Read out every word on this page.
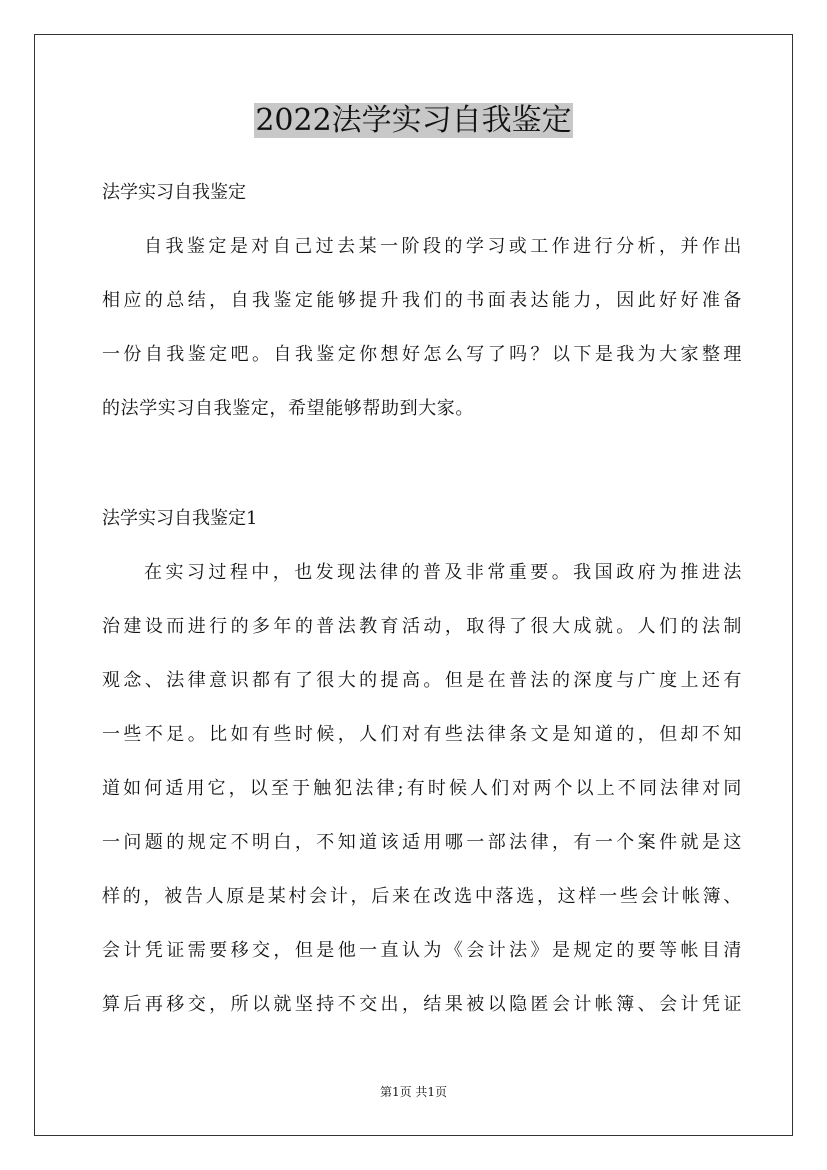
2022法学实习自我鉴定

法学实习自我鉴定

自我鉴定是对自己过去某一阶段的学习或工作进行分析，并作出
相应的总结，自我鉴定能够提升我们的书面表达能力，因此好好准备
一份自我鉴定吧。自我鉴定你想好怎么写了吗？以下是我为大家整理
的法学实习自我鉴定，希望能够帮助到大家。

法学实习自我鉴定1

在实习过程中，也发现法律的普及非常重要。我国政府为推进法
治建设而进行的多年的普法教育活动，取得了很大成就。人们的法制
观念、法律意识都有了很大的提高。但是在普法的深度与广度上还有
一些不足。比如有些时候，人们对有些法律条文是知道的，但却不知
道如何适用它，以至于触犯法律;有时候人们对两个以上不同法律对同
一问题的规定不明白，不知道该适用哪一部法律，有一个案件就是这
样的，被告人原是某村会计，后来在改选中落选，这样一些会计帐簿、
会计凭证需要移交，但是他一直认为《会计法》是规定的要等帐目清
算后再移交，所以就坚持不交出，结果被以隐匿会计帐簿、会计凭证
第1页 共1页
